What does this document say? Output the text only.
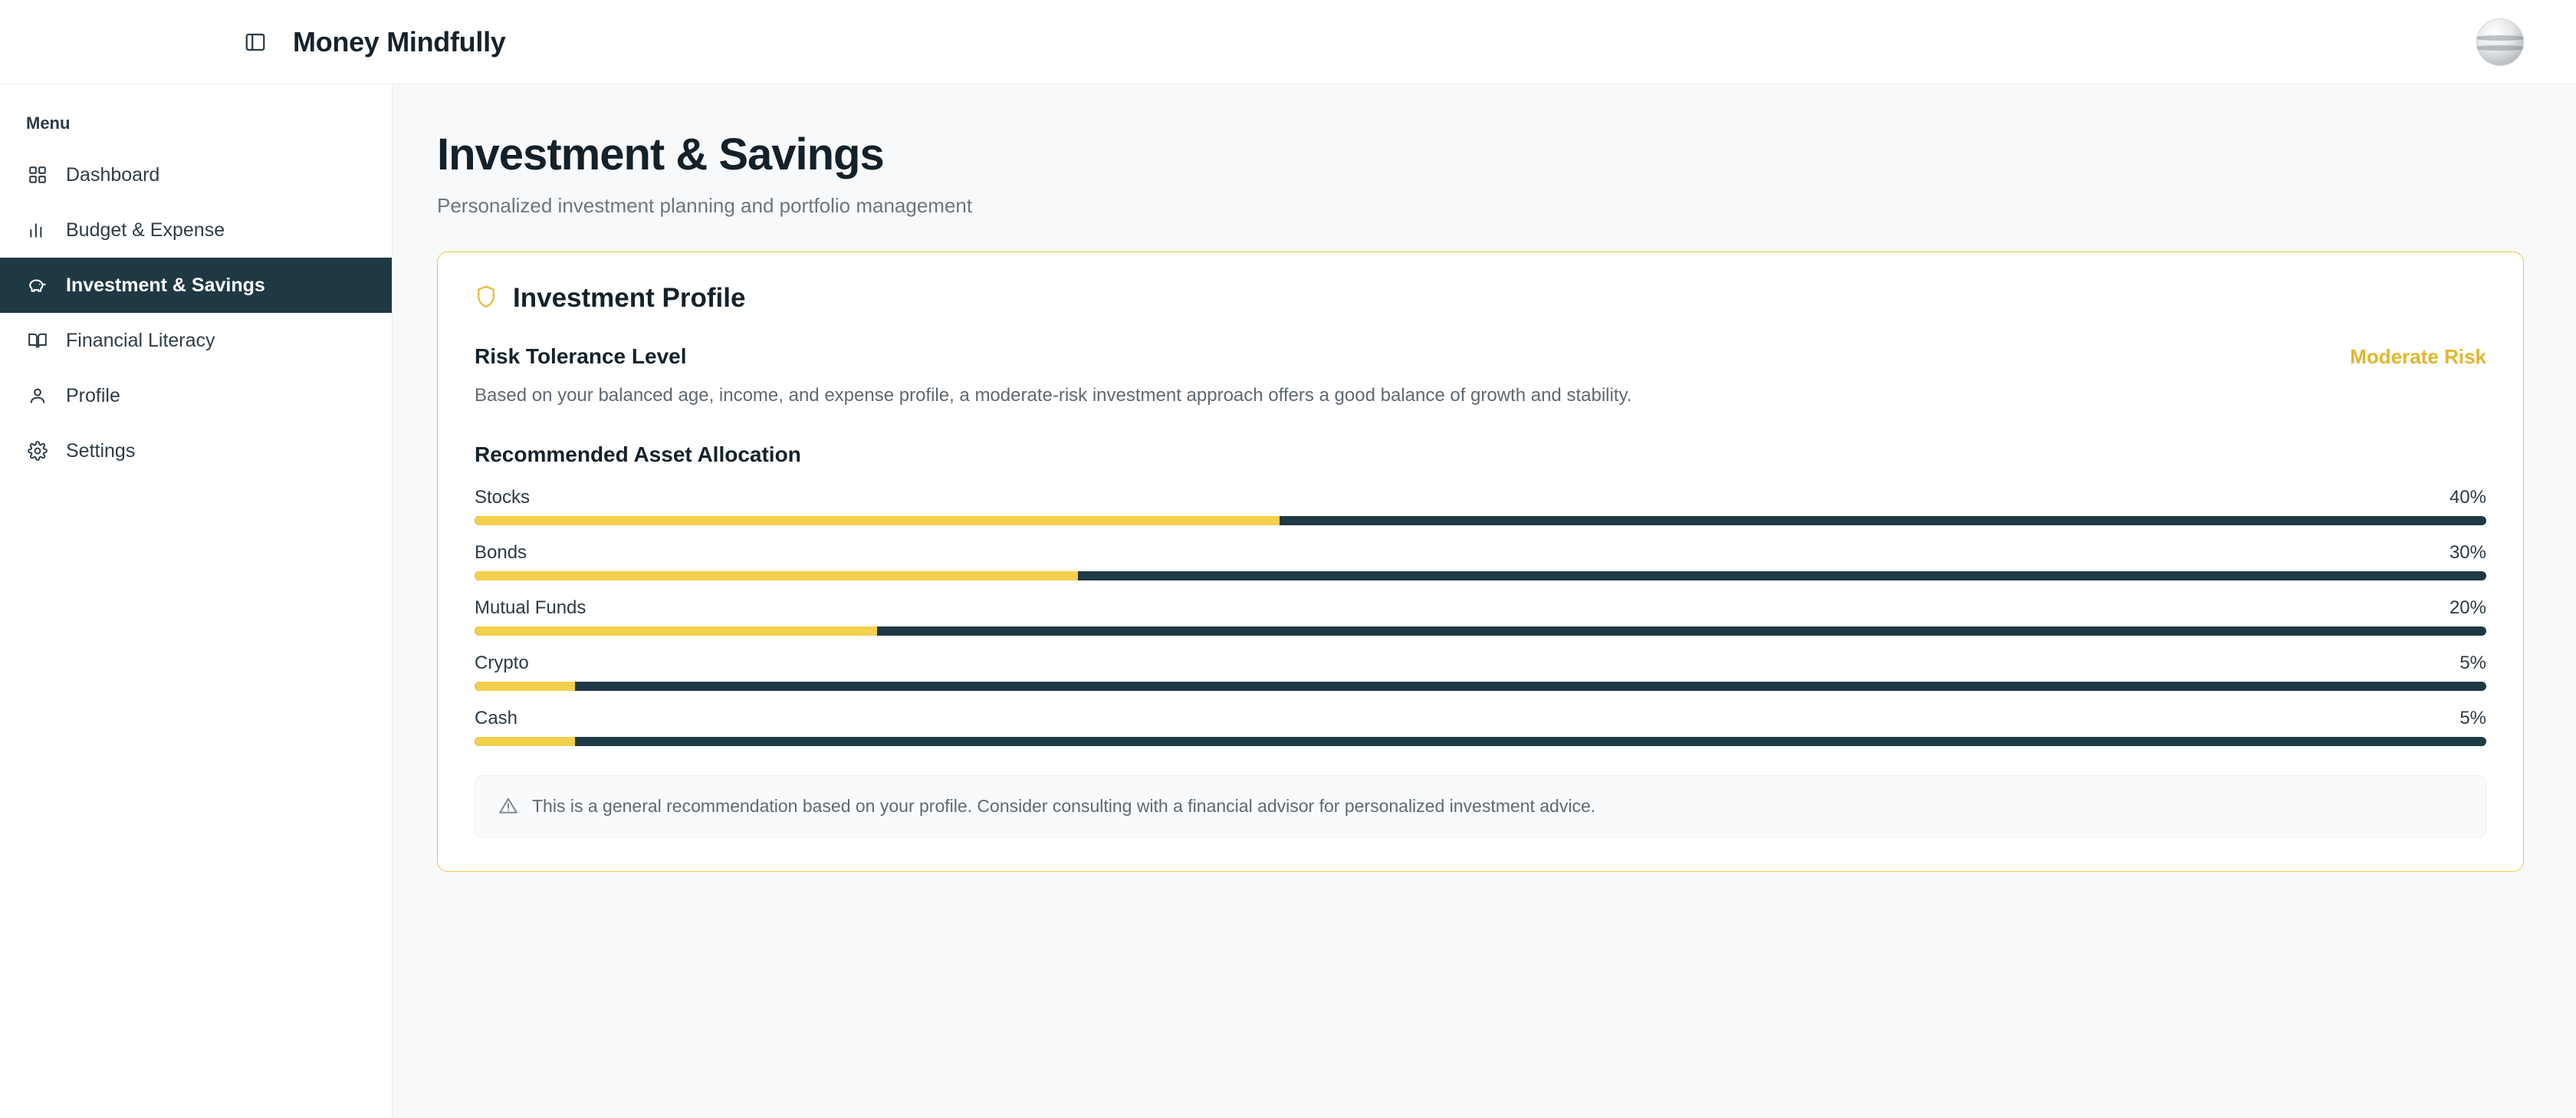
Money Mindfully
Menu
Dashboard
Budget & Expense
Investment & Savings
Financial Literacy
Profile
Settings
Investment & Savings
Personalized investment planning and portfolio management
Investment Profile
Risk Tolerance Level	Moderate Risk

Based on your balanced age, income, and expense profile, a moderate-risk investment approach offers a good balance of growth and stability.

Recommended Asset Allocation
Stocks	40%
Bonds	30%
Mutual Funds	20%
Crypto	5%
Cash	5%
This is a general recommendation based on your profile. Consider consulting with a financial advisor for personalized investment advice.
